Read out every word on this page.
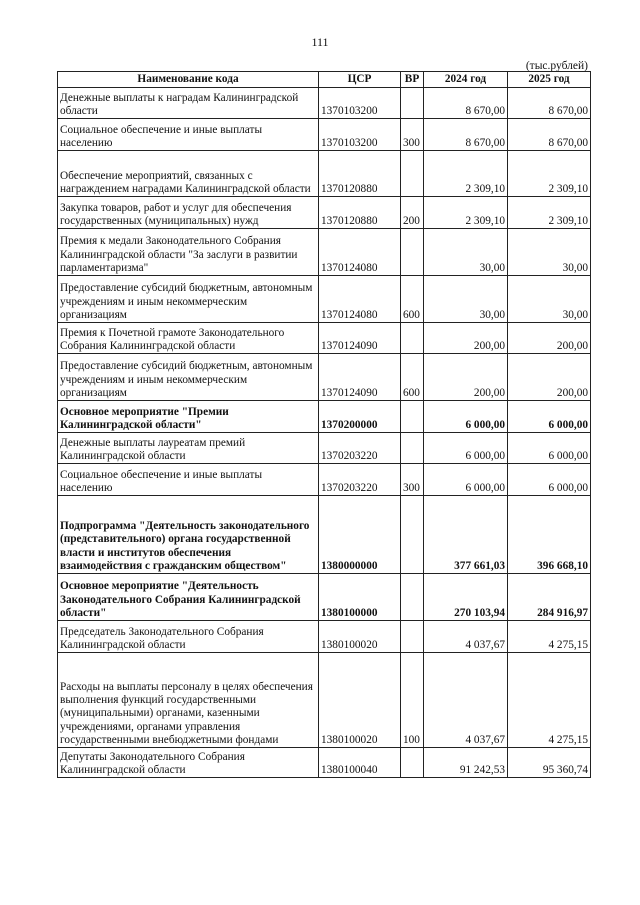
111
(тыс.рублей)
Наименование кода	ЦСР	ВР	2024 год	2025 год
Денежные выплаты к наградам Калининградской области	1370103200		8 670,00	8 670,00
Социальное обеспечение и иные выплаты населению	1370103200	300	8 670,00	8 670,00
Обеспечение мероприятий, связанных с награждением наградами Калининградской области	1370120880		2 309,10	2 309,10
Закупка товаров, работ и услуг для обеспечения государственных (муниципальных) нужд	1370120880	200	2 309,10	2 309,10
Премия к медали Законодательного Собрания Калининградской области "За заслуги в развитии парламентаризма"	1370124080		30,00	30,00
Предоставление субсидий бюджетным, автономным учреждениям и иным некоммерческим организациям	1370124080	600	30,00	30,00
Премия к Почетной грамоте Законодательного Собрания Калининградской области	1370124090		200,00	200,00
Предоставление субсидий бюджетным, автономным учреждениям и иным некоммерческим организациям	1370124090	600	200,00	200,00
Основное мероприятие "Премии Калининградской области"	1370200000		6 000,00	6 000,00
Денежные выплаты лауреатам премий Калининградской области	1370203220		6 000,00	6 000,00
Социальное обеспечение и иные выплаты населению	1370203220	300	6 000,00	6 000,00
Подпрограмма "Деятельность законодательного (представительного) органа государственной власти и институтов обеспечения взаимодействия с гражданским обществом"	1380000000		377 661,03	396 668,10
Основное мероприятие "Деятельность Законодательного Собрания Калининградской области"	1380100000		270 103,94	284 916,97
Председатель Законодательного Собрания Калининградской области	1380100020		4 037,67	4 275,15
Расходы на выплаты персоналу в целях обеспечения выполнения функций государственными (муниципальными) органами, казенными учреждениями, органами управления государственными внебюджетными фондами	1380100020	100	4 037,67	4 275,15
Депутаты Законодательного Собрания Калининградской области	1380100040		91 242,53	95 360,74
